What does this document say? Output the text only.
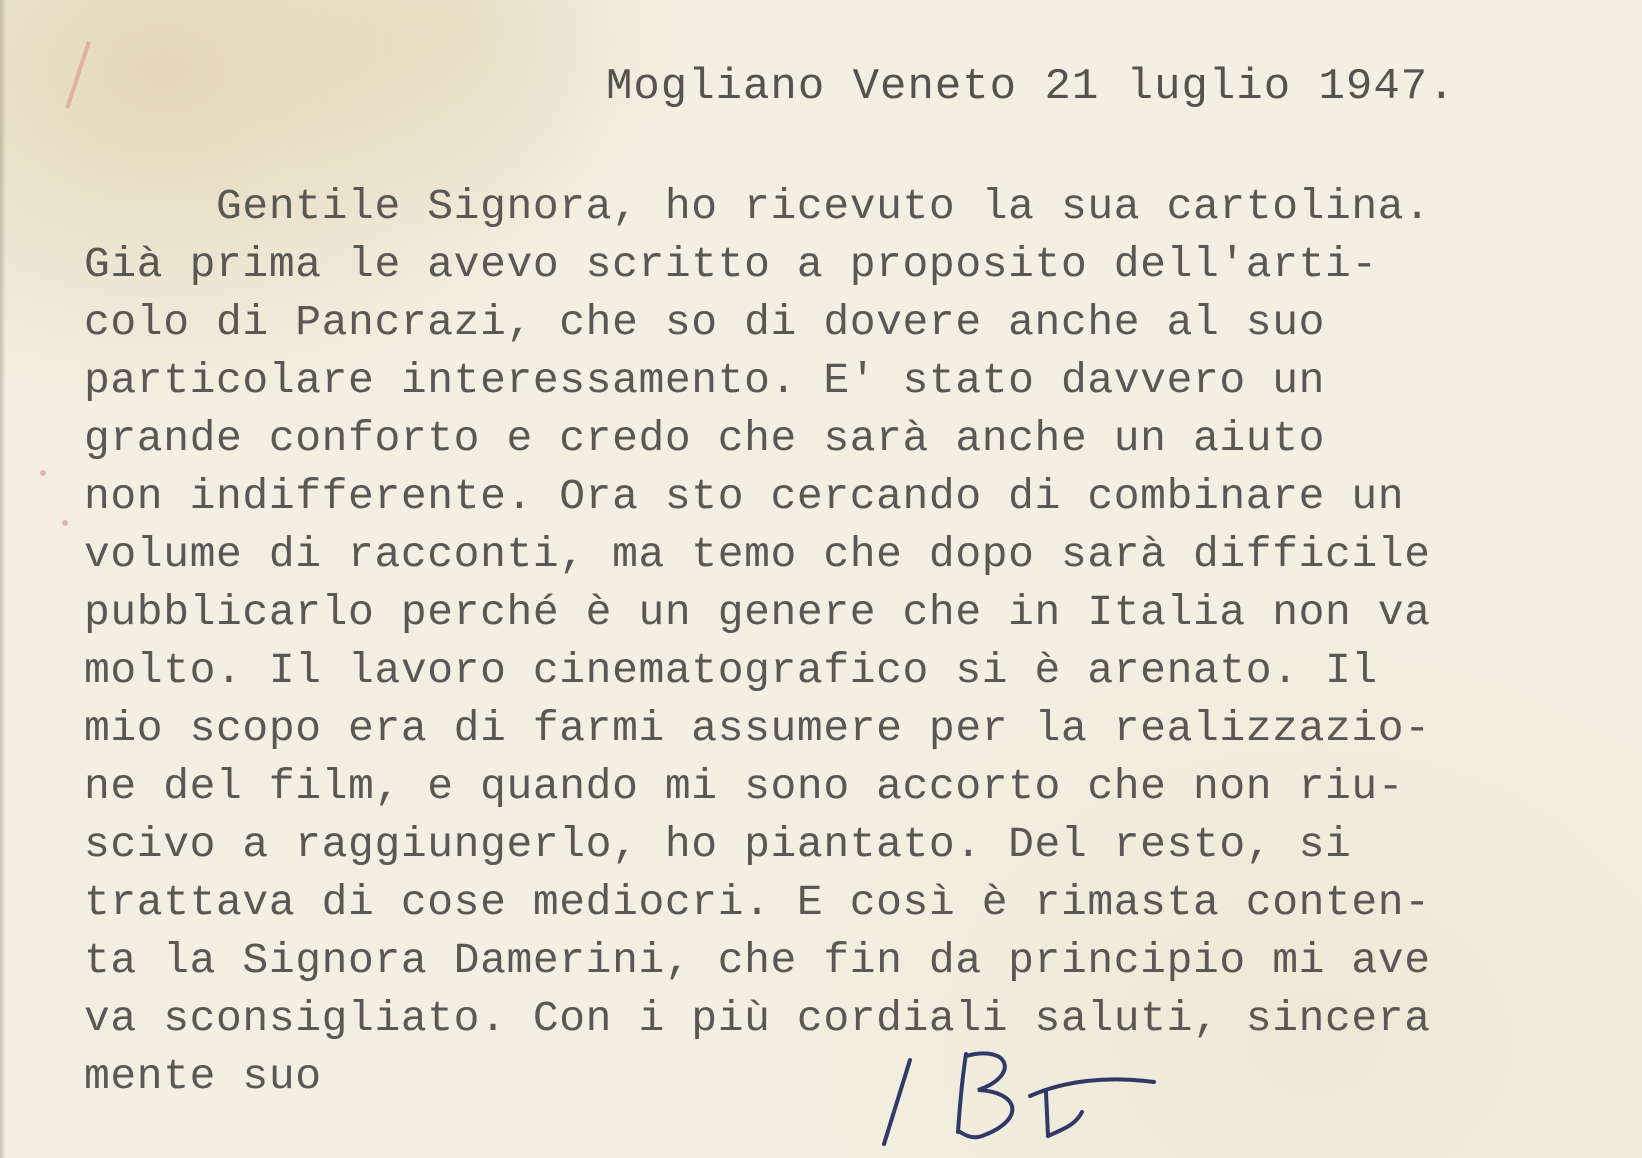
Mogliano Veneto 21 luglio 1947.
Gentile Signora, ho ricevuto la sua cartolina.
Già prima le avevo scritto a proposito dell'arti-
colo di Pancrazi, che so di dovere anche al suo
particolare interessamento. E' stato davvero un
grande conforto e credo che sarà anche un aiuto
non indifferente. Ora sto cercando di combinare un
volume di racconti, ma temo che dopo sarà difficile
pubblicarlo perché è un genere che in Italia non va
molto. Il lavoro cinematografico si è arenato. Il
mio scopo era di farmi assumere per la realizzazio-
ne del film, e quando mi sono accorto che non riu-
scivo a raggiungerlo, ho piantato. Del resto, si
trattava di cose mediocri. E così è rimasta conten-
ta la Signora Damerini, che fin da principio mi ave
va sconsigliato. Con i più cordiali saluti, sincera
mente suo
